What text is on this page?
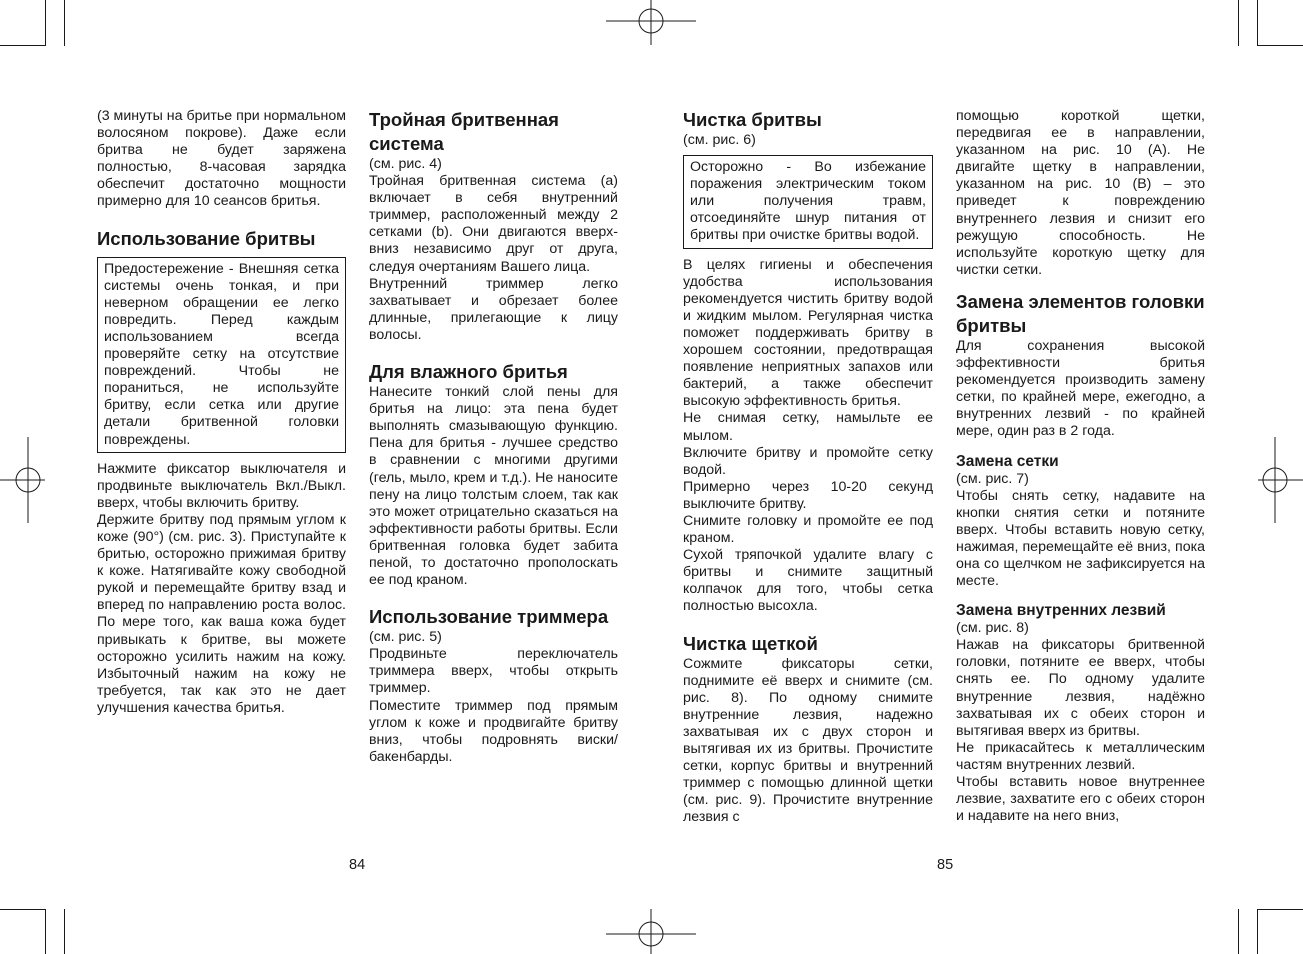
(3 минуты на бритье при нормальном волосяном покрове). Даже если бритва не будет заряжена полностью, 8-часовая зарядка обеспечит достаточно мощности примерно для 10 сеансов бритья.

Использование бритвы

Предостережение - Внешняя сетка системы очень тонкая, и при неверном обращении ее легко повредить. Перед каждым использованием всегда проверяйте сетку на отсутствие повреждений. Чтобы не пораниться, не используйте бритву, если сетка или другие детали бритвенной головки повреждены.

Нажмите фиксатор выключателя и продвиньте выключатель Вкл./Выкл. вверх, чтобы включить бритву.

Держите бритву под прямым углом к коже (90°) (см. рис. 3). Приступайте к бритью, осторожно прижимая бритву к коже. Натягивайте кожу свободной рукой и перемещайте бритву взад и вперед по направлению роста волос. По мере того, как ваша кожа будет привыкать к бритве, вы можете осторожно усилить нажим на кожу. Избыточный нажим на кожу не требуется, так как это не дает улучшения качества бритья.

Тройная бритвенная система

(см. рис. 4)

Тройная бритвенная система (a) включает в себя внутренний триммер, расположенный между 2 сетками (b). Они двигаются вверх-вниз независимо друг от друга, следуя очертаниям Вашего лица.

Внутренний триммер легко захватывает и обрезает более длинные, прилегающие к лицу волосы.

Для влажного бритья

Нанесите тонкий слой пены для бритья на лицо: эта пена будет выполнять смазывающую функцию. Пена для бритья - лучшее средство в сравнении с многими другими (гель, мыло, крем и т.д.). Не наносите пену на лицо толстым слоем, так как это может отрицательно сказаться на эффективности работы бритвы. Если бритвенная головка будет забита пеной, то достаточно прополоскать ее под краном.

Использование триммера

(см. рис. 5)

Продвиньте переключатель триммера вверх, чтобы открыть триммер.

Поместите триммер под прямым углом к коже и продвигайте бритву вниз, чтобы подровнять виски/бакенбарды.

Чистка бритвы

(см. рис. 6)

Осторожно - Во избежание поражения электрическим током или получения травм, отсоединяйте шнур питания от бритвы при очистке бритвы водой.

В целях гигиены и обеспечения удобства использования рекомендуется чистить бритву водой и жидким мылом. Регулярная чистка поможет поддерживать бритву в хорошем состоянии, предотвращая появление неприятных запахов или бактерий, а также обеспечит высокую эффективность бритья.

Не снимая сетку, намыльте ее мылом.

Включите бритву и промойте сетку водой.

Примерно через 10-20 секунд выключите бритву.

Снимите головку и промойте ее под краном.

Сухой тряпочкой удалите влагу с бритвы и снимите защитный колпачок для того, чтобы сетка полностью высохла.

Чистка щеткой

Сожмите фиксаторы сетки, поднимите её вверх и снимите (см. рис. 8). По одному снимите внутренние лезвия, надежно захватывая их с двух сторон и вытягивая их из бритвы. Прочистите сетки, корпус бритвы и внутренний триммер с помощью длинной щетки (см. рис. 9). Прочистите внутренние лезвия с

помощью короткой щетки, передвигая ее в направлении, указанном на рис. 10 (A). Не двигайте щетку в направлении, указанном на рис. 10 (B) – это приведет к повреждению внутреннего лезвия и снизит его режущую способность. Не используйте короткую щетку для чистки сетки.

Замена элементов головки бритвы

Для сохранения высокой эффективности бритья рекомендуется производить замену сетки, по крайней мере, ежегодно, а внутренних лезвий - по крайней мере, один раз в 2 года.

Замена сетки

(см. рис. 7)

Чтобы снять сетку, надавите на кнопки снятия сетки и потяните вверх. Чтобы вставить новую сетку, нажимая, перемещайте её вниз, пока она со щелчком не зафиксируется на месте.

Замена внутренних лезвий

(см. рис. 8)

Нажав на фиксаторы бритвенной головки, потяните ее вверх, чтобы снять ее. По одному удалите внутренние лезвия, надёжно захватывая их с обеих сторон и вытягивая вверх из бритвы.

Не прикасайтесь к металлическим частям внутренних лезвий.

Чтобы вставить новое внутреннее лезвие, захватите его с обеих сторон и надавите на него вниз,

84	85
